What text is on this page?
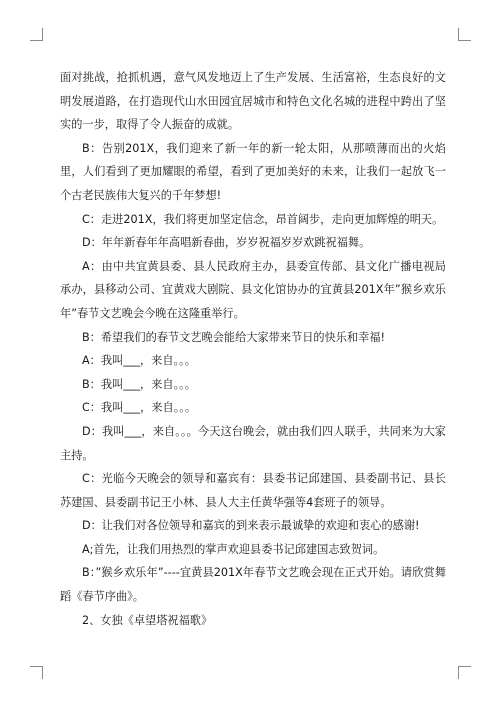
面对挑战，抢抓机遇，意气风发地迈上了生产发展、生活富裕，生态良好的文明发展道路，在打造现代山水田园宜居城市和特色文化名城的进程中跨出了坚实的一步，取得了令人振奋的成就。

B：告别201X，我们迎来了新一年的新一轮太阳，从那喷薄而出的火焰里，人们看到了更加耀眼的希望，看到了更加美好的未来，让我们一起放飞一个古老民族伟大复兴的千年梦想!

C：走进201X，我们将更加坚定信念，昂首阔步，走向更加辉煌的明天。

D：年年新春年年高唱新春曲，岁岁祝福岁岁欢跳祝福舞。

A：由中共宜黄县委、县人民政府主办，县委宣传部、县文化广播电视局承办，县移动公司、宜黄戏大剧院、县文化馆协办的宜黄县201X年”猴乡欢乐年”春节文艺晚会今晚在这隆重举行。

B：希望我们的春节文艺晚会能给大家带来节日的快乐和幸福!

A：我叫___，来自。。。

B：我叫___，来自。。。

C：我叫___，来自。。。

D：我叫___，来自。。。今天这台晚会，就由我们四人联手，共同来为大家主持。

C：光临今天晚会的领导和嘉宾有：县委书记邱建国、县委副书记、县长苏建国、县委副书记王小林、县人大主任黄华强等4套班子的领导。

D：让我们对各位领导和嘉宾的到来表示最诚挚的欢迎和衷心的感谢!

A;首先，让我们用热烈的掌声欢迎县委书记邱建国志致贺词。

B：”猴乡欢乐年”----宜黄县201X年春节文艺晚会现在正式开始。请欣赏舞蹈《春节序曲》。

2、女独《卓望塔祝福歌》
